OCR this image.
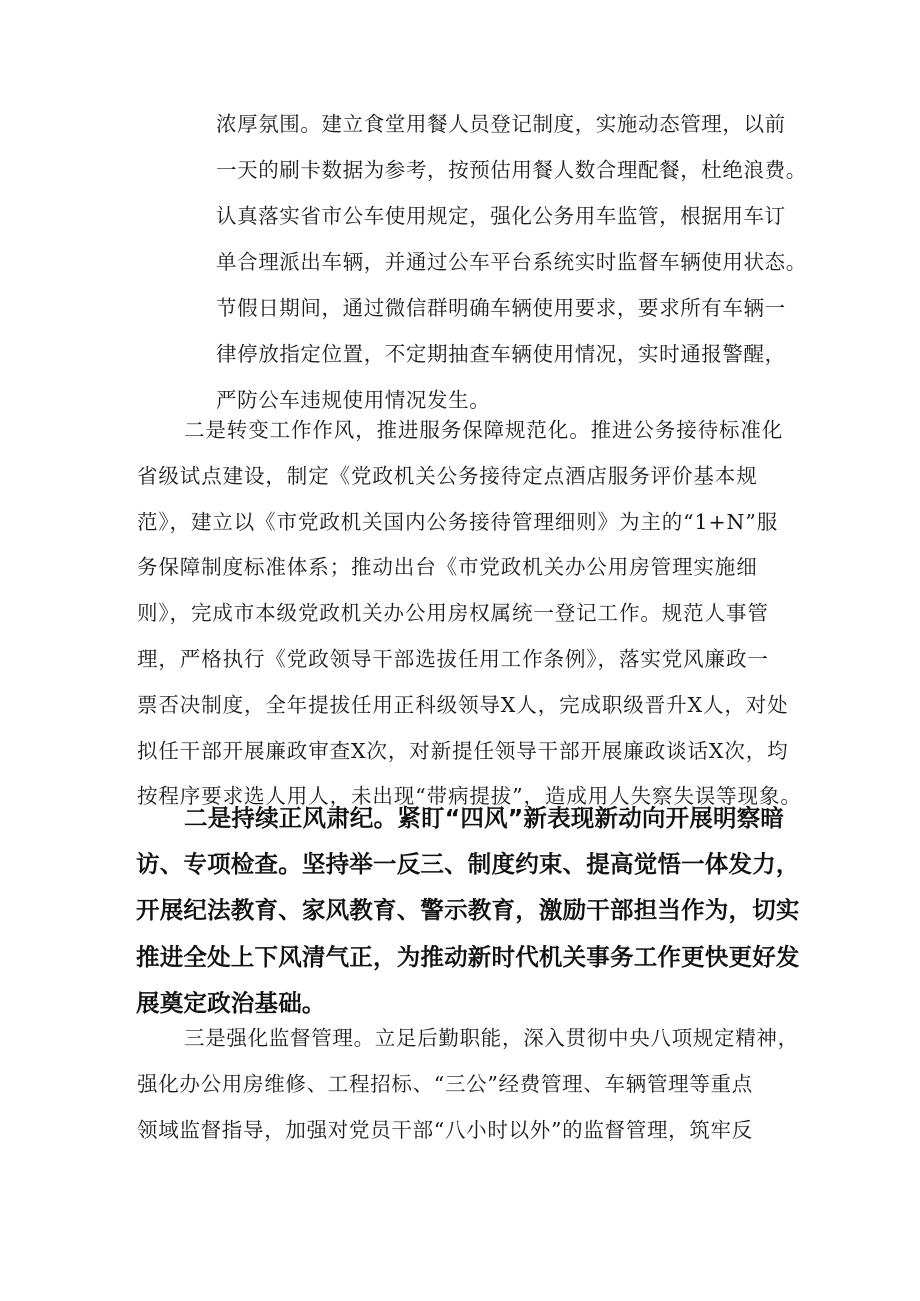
浓厚氛围。建立食堂用餐人员登记制度，实施动态管理，以前
一天的刷卡数据为参考，按预估用餐人数合理配餐，杜绝浪费。
认真落实省市公车使用规定，强化公务用车监管，根据用车订
单合理派出车辆，并通过公车平台系统实时监督车辆使用状态。
节假日期间，通过微信群明确车辆使用要求，要求所有车辆一
律停放指定位置，不定期抽查车辆使用情况，实时通报警醒，
严防公车违规使用情况发生。
二是转变工作作风，推进服务保障规范化。推进公务接待标准化
省级试点建设，制定《党政机关公务接待定点酒店服务评价基本规
范》，建立以《市党政机关国内公务接待管理细则》为主的“1+N”服
务保障制度标准体系；推动出台《市党政机关办公用房管理实施细
则》，完成市本级党政机关办公用房权属统一登记工作。规范人事管
理，严格执行《党政领导干部选拔任用工作条例》，落实党风廉政一
票否决制度，全年提拔任用正科级领导X人，完成职级晋升X人，对处
拟任干部开展廉政审查X次，对新提任领导干部开展廉政谈话X次，均
按程序要求选人用人，未出现“带病提拔”，造成用人失察失误等现象。
二是持续正风肃纪。紧盯“四风”新表现新动向开展明察暗
访、专项检查。坚持举一反三、制度约束、提高觉悟一体发力，
开展纪法教育、家风教育、警示教育，激励干部担当作为，切实
推进全处上下风清气正，为推动新时代机关事务工作更快更好发
展奠定政治基础。
三是强化监督管理。立足后勤职能，深入贯彻中央八项规定精神，
强化办公用房维修、工程招标、“三公”经费管理、车辆管理等重点
领域监督指导，加强对党员干部“八小时以外”的监督管理，筑牢反
